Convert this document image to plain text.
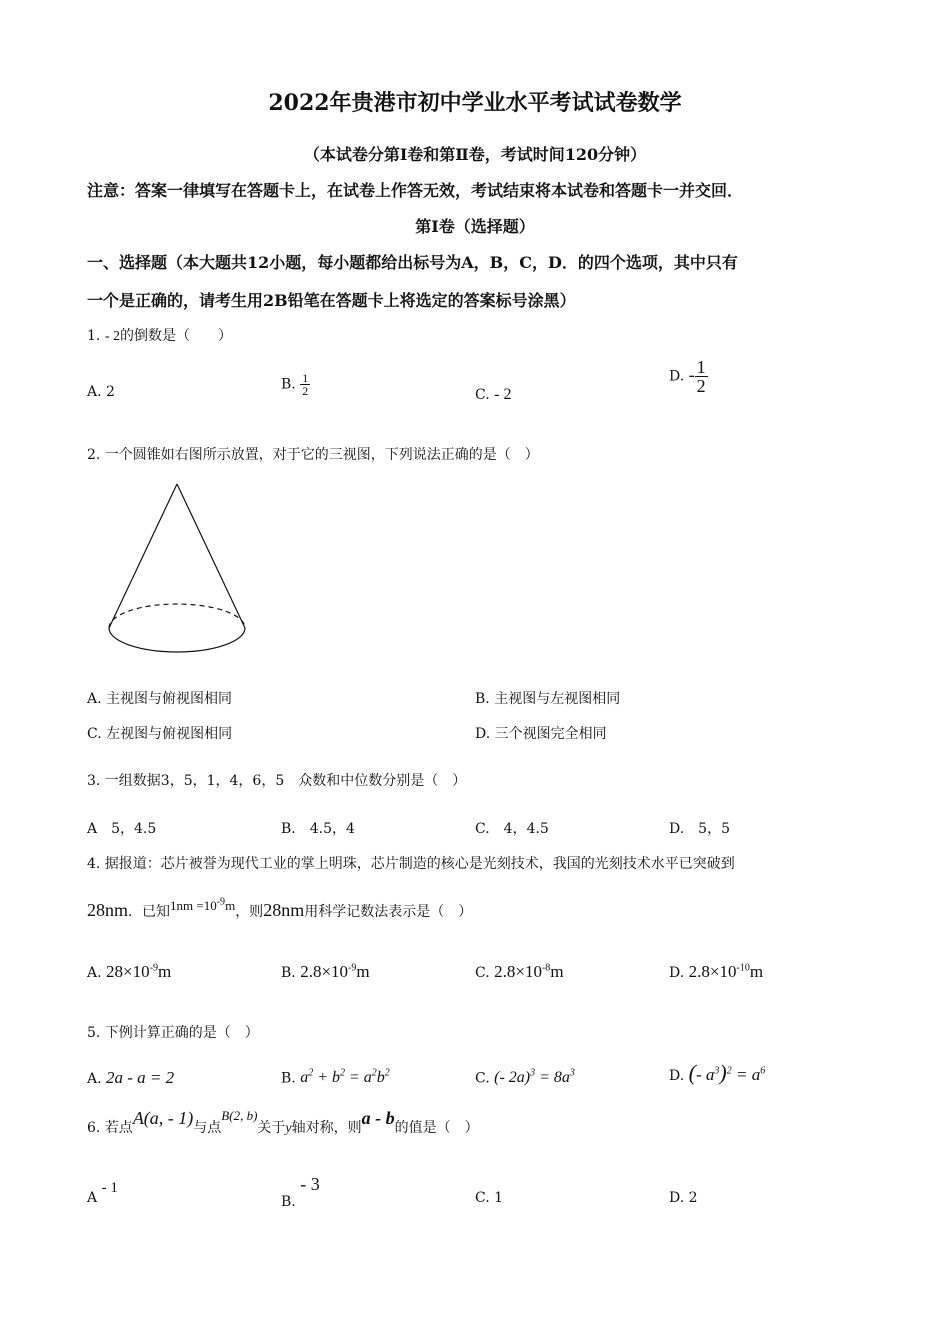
2022年贵港市初中学业水平考试试卷数学
（本试卷分第Ⅰ卷和第Ⅱ卷，考试时间120分钟）
注意：答案一律填写在答题卡上，在试卷上作答无效，考试结束将本试卷和答题卡一并交回．
第Ⅰ卷（选择题）
一、选择题（本大题共12小题，每小题都给出标号为A，B，C，D．的四个选项，其中只有
一个是正确的，请考生用2B铅笔在答题卡上将选定的答案标号涂黑）
1. - 2的倒数是（　　）
A. 2	B. $\frac{1}{2}$	C. - 2
D. - $\frac{1}{2}$
2. 一个圆锥如右图所示放置，对于它的三视图，下列说法正确的是（　）
A. 主视图与俯视图相同	B. 主视图与左视图相同
C. 左视图与俯视图相同	D. 三个视图完全相同
3. 一组数据3，5，1，4，6，5　众数和中位数分别是（　）
A　5，4.5	B.　4.5，4	C.　4，4.5	D.　5，5
4. 据报道：芯片被誉为现代工业的掌上明珠，芯片制造的核心是光刻技术，我国的光刻技术水平已突破到
28nm．已知$1nm =10^{-9}m$，则28nm用科学记数法表示是（　）
A. $28\times 10^{-9}m$	B. $2.8\times 10^{-9}m$	C. $2.8\times 10^{-8}m$	D. $2.8\times 10^{-10}m$
5. 下例计算正确的是（　）
A. 2a - a = 2	B. $a^2 + b^2 = a^2b^2$	C. (- $2a)^3 = 8a^3$	D. (- $a^3)^2 = a^6$
6. 若点A(a, - 1)与点B(2, b)关于y轴对称，则a - b的值是（　）
A - 1
B. - 3
C. 1	D. 2
